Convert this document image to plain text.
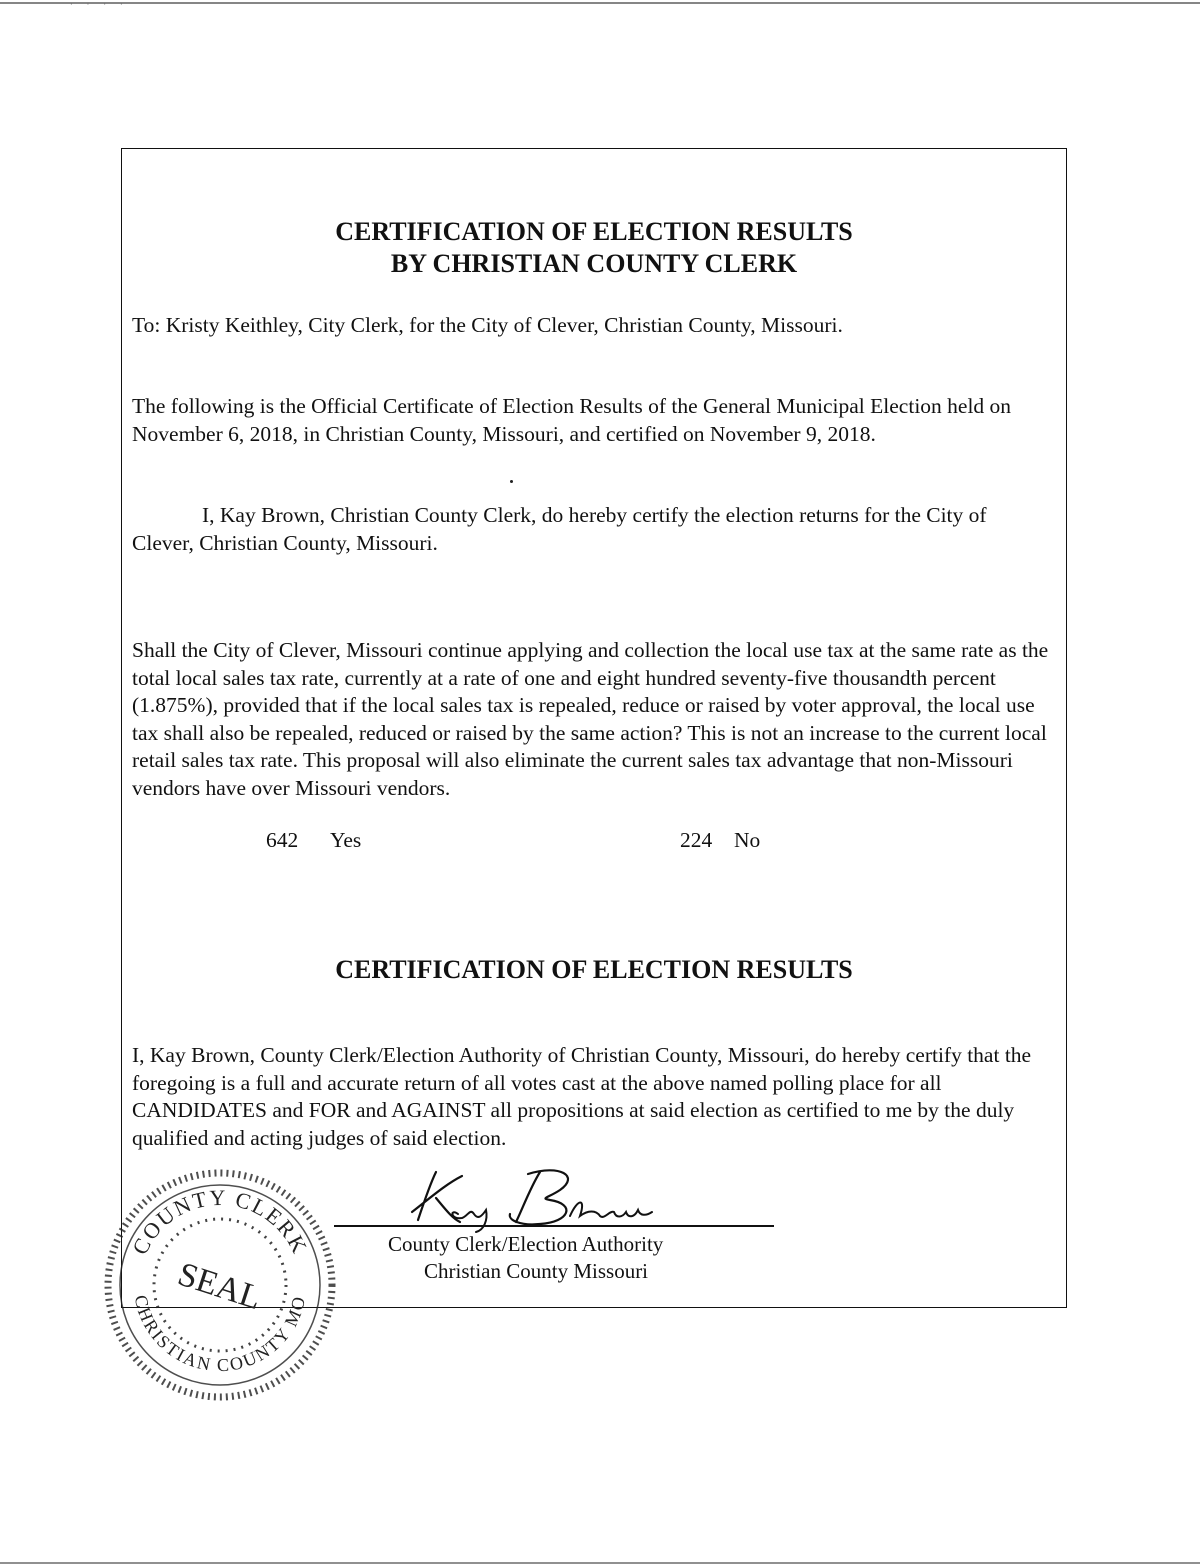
· · · ·
CERTIFICATION OF ELECTION RESULTS
BY CHRISTIAN COUNTY CLERK
To: Kristy Keithley, City Clerk, for the City of Clever, Christian County, Missouri.
The following is the Official Certificate of Election Results of the General Municipal Election held on November 6, 2018, in Christian County, Missouri, and certified on November 9, 2018.
I, Kay Brown, Christian County Clerk, do hereby certify the election returns for the City of Clever, Christian County, Missouri.
Shall the City of Clever, Missouri continue applying and collection the local use tax at the same rate as the total local sales tax rate, currently at a rate of one and eight hundred seventy-five thousandth percent (1.875%), provided that if the local sales tax is repealed, reduce or raised by voter approval, the local use tax shall also be repealed, reduced or raised by the same action? This is not an increase to the current local retail sales tax rate. This proposal will also eliminate the current sales tax advantage that non-Missouri vendors have over Missouri vendors.
642 Yes	224 No
CERTIFICATION OF ELECTION RESULTS
I, Kay Brown, County Clerk/Election Authority of Christian County, Missouri, do hereby certify that the foregoing is a full and accurate return of all votes cast at the above named polling place for all CANDIDATES and FOR and AGAINST all propositions at said election as certified to me by the duly qualified and acting judges of said election.
County Clerk/Election Authority
Christian County Missouri
COUNTY CLERK
CHRISTIAN COUNTY MO
SEAL
